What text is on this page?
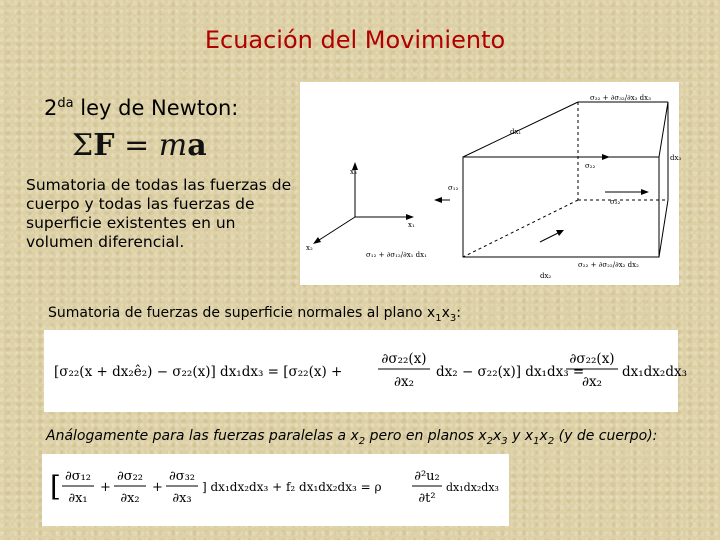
Ecuación del Movimiento
$2^{da}$ ley de Newton:
ΣF = ma
Sumatoria de todas las fuerzas de cuerpo y todas las fuerzas de superficie existentes en un volumen diferencial.
x₃
x₁
x₂
dx₁
dx₃
dx₂
σ₂₂
σ₁₂
σ₃₂
σ₃₂ + ∂σ₃₂/∂x₃ dx₃
σ₁₂ + ∂σ₁₂/∂x₁ dx₁
σ₂₂ + ∂σ₂₂/∂x₂ dx₂
Sumatoria de fuerzas de superficie normales al plano $x_1x_3$:
[σ₂₂(x + dx₂ê₂) − σ₂₂(x)] dx₁dx₃ = [σ₂₂(x) +
∂σ₂₂(x)
∂x₂
dx₂ − σ₂₂(x)] dx₁dx₃ =
∂σ₂₂(x)
∂x₂
dx₁dx₂dx₃
Análogamente para las fuerzas paralelas a $x_2$ pero en planos $x_2x_3$ y $x_1x_2$ (y de cuerpo):
[ ∂σ₁₂
∂x₁
+
∂σ₂₂
∂x₂
+
∂σ₃₂
∂x₃
] dx₁dx₂dx₃ + f₂ dx₁dx₂dx₃ = ρ
∂²u₂
∂t²
dx₁dx₂dx₃
